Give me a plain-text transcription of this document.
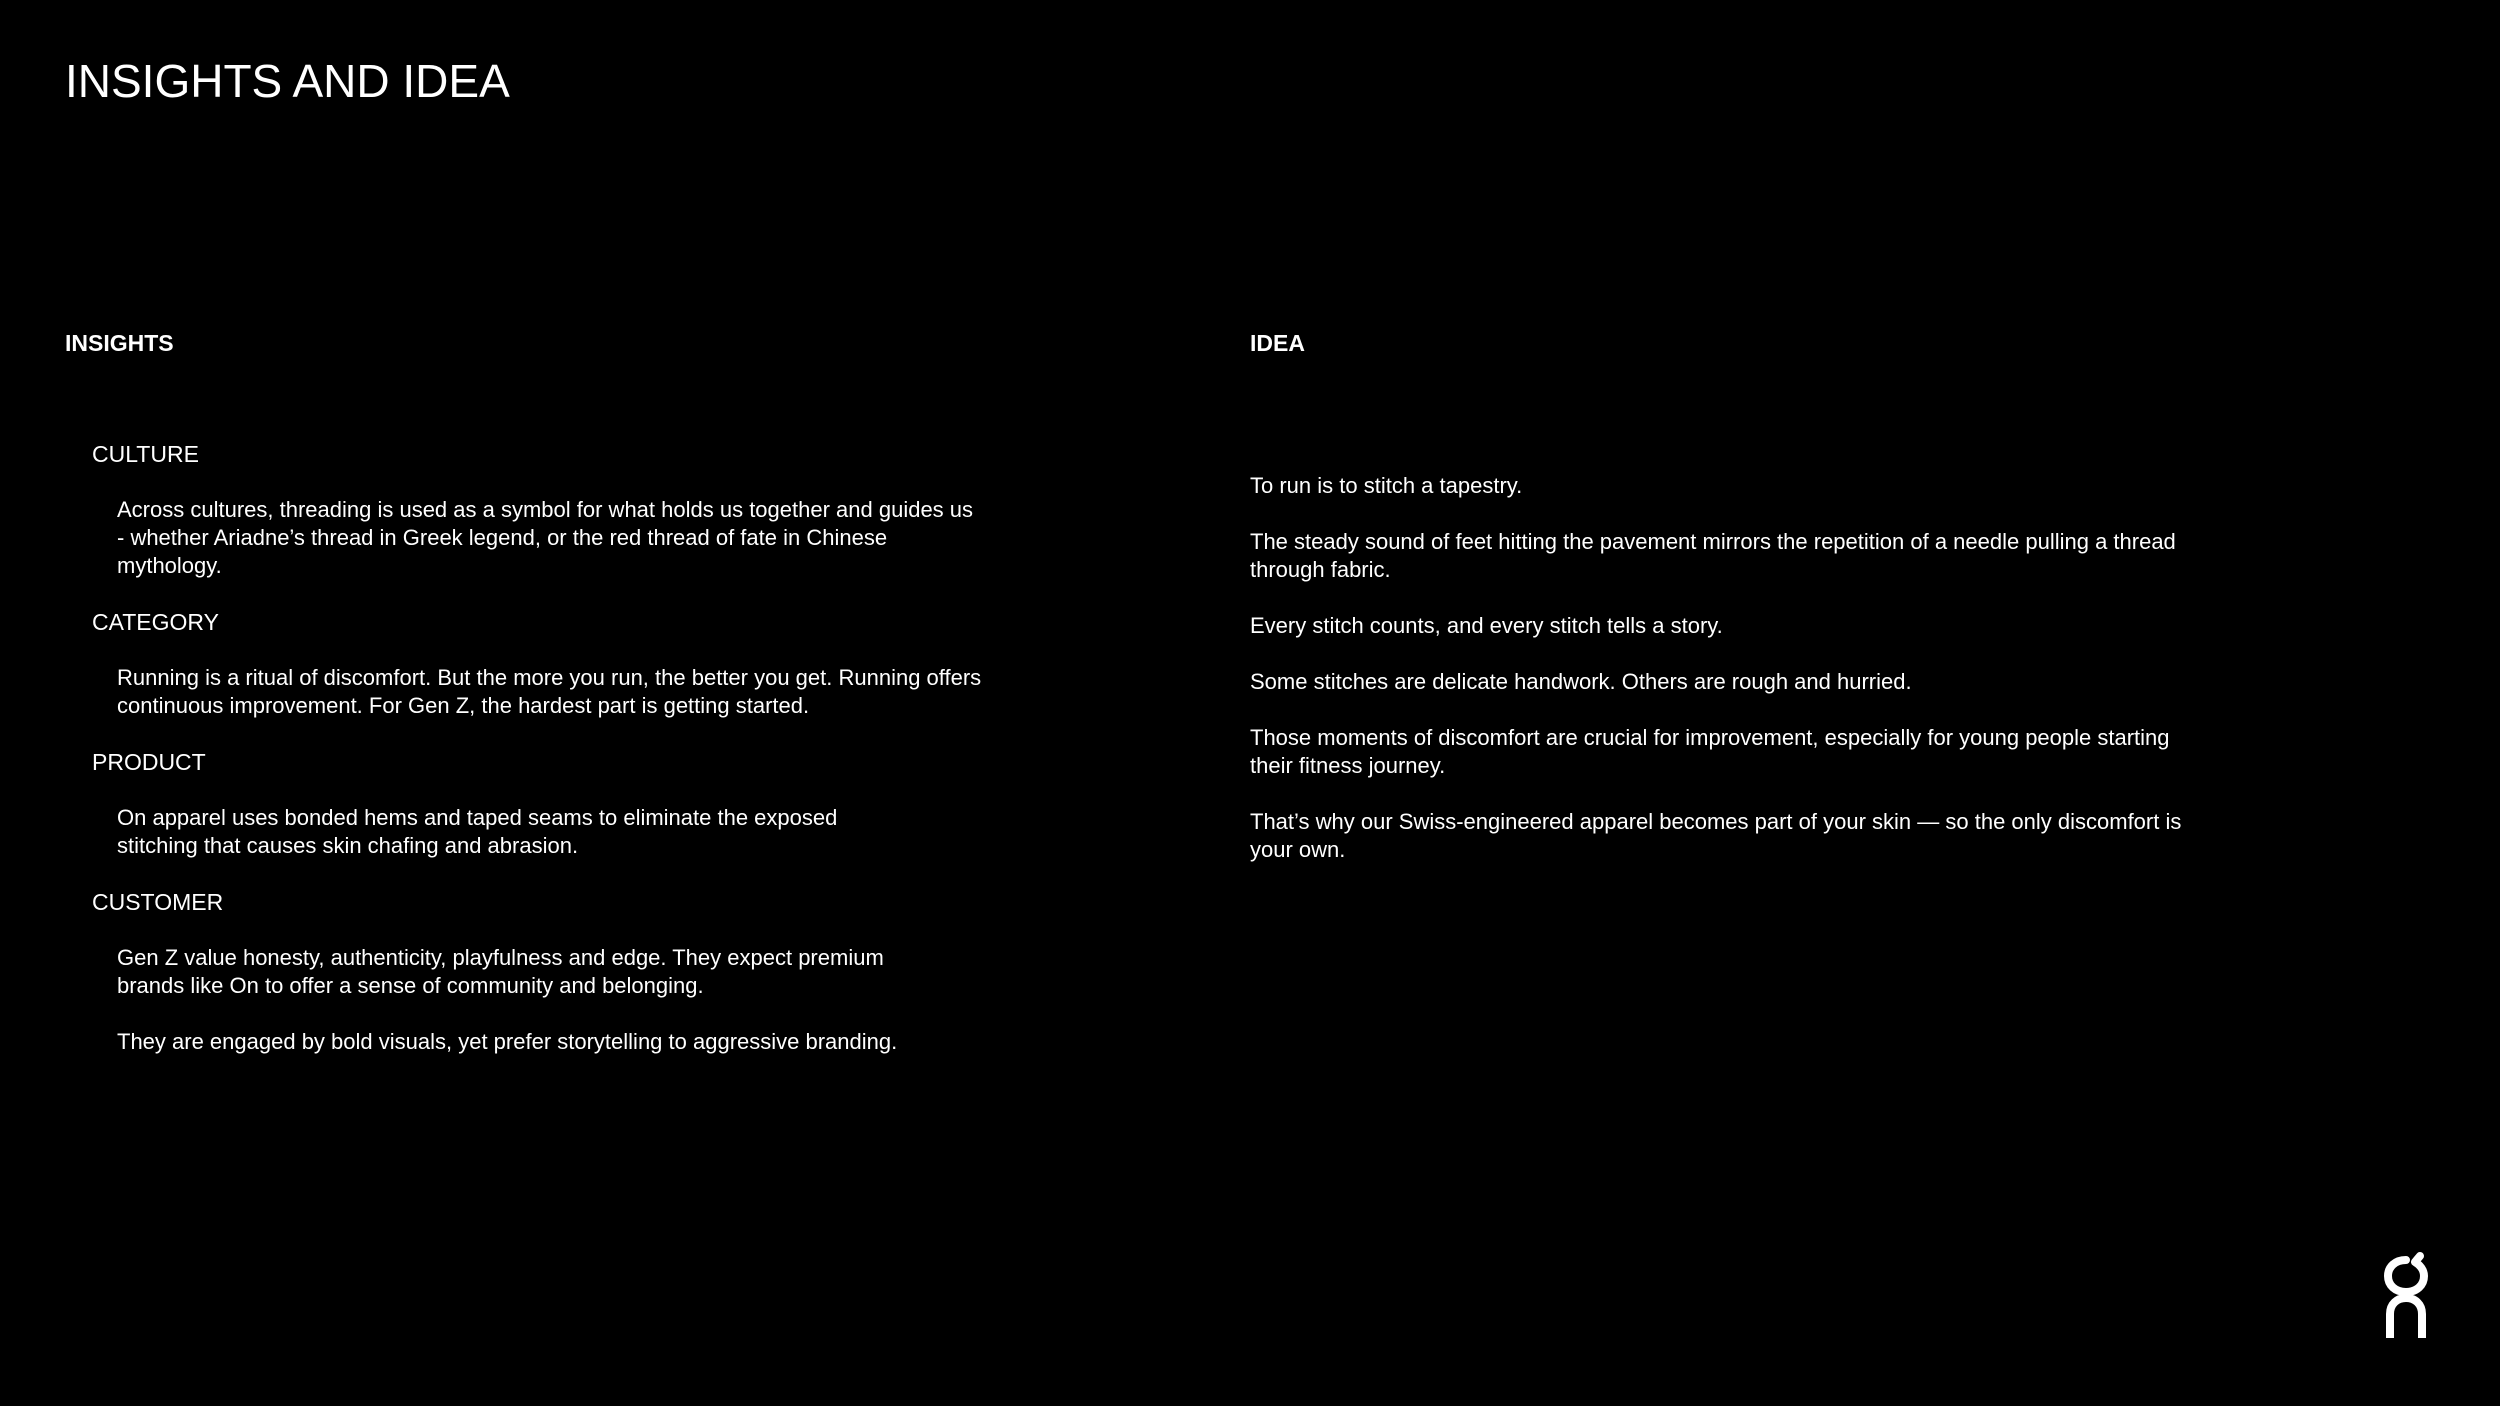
INSIGHTS AND IDEA
INSIGHTS	IDEA

CULTURE

Across cultures, threading is used as a symbol for what holds us together and guides us - whether Ariadne’s thread in Greek legend, or the red thread of fate in Chinese mythology.

CATEGORY

Running is a ritual of discomfort. But the more you run, the better you get. Running offers continuous improvement. For Gen Z, the hardest part is getting started.

PRODUCT

On apparel uses bonded hems and taped seams to eliminate the exposed stitching that causes skin chafing and abrasion.

CUSTOMER

Gen Z value honesty, authenticity, playfulness and edge. They expect premium brands like On to offer a sense of community and belonging.

They are engaged by bold visuals, yet prefer storytelling to aggressive branding.

To run is to stitch a tapestry.

The steady sound of feet hitting the pavement mirrors the repetition of a needle pulling a thread through fabric.

Every stitch counts, and every stitch tells a story.

Some stitches are delicate handwork. Others are rough and hurried.

Those moments of discomfort are crucial for improvement, especially for young people starting their fitness journey.

That’s why our Swiss-engineered apparel becomes part of your skin — so the only discomfort is your own.
